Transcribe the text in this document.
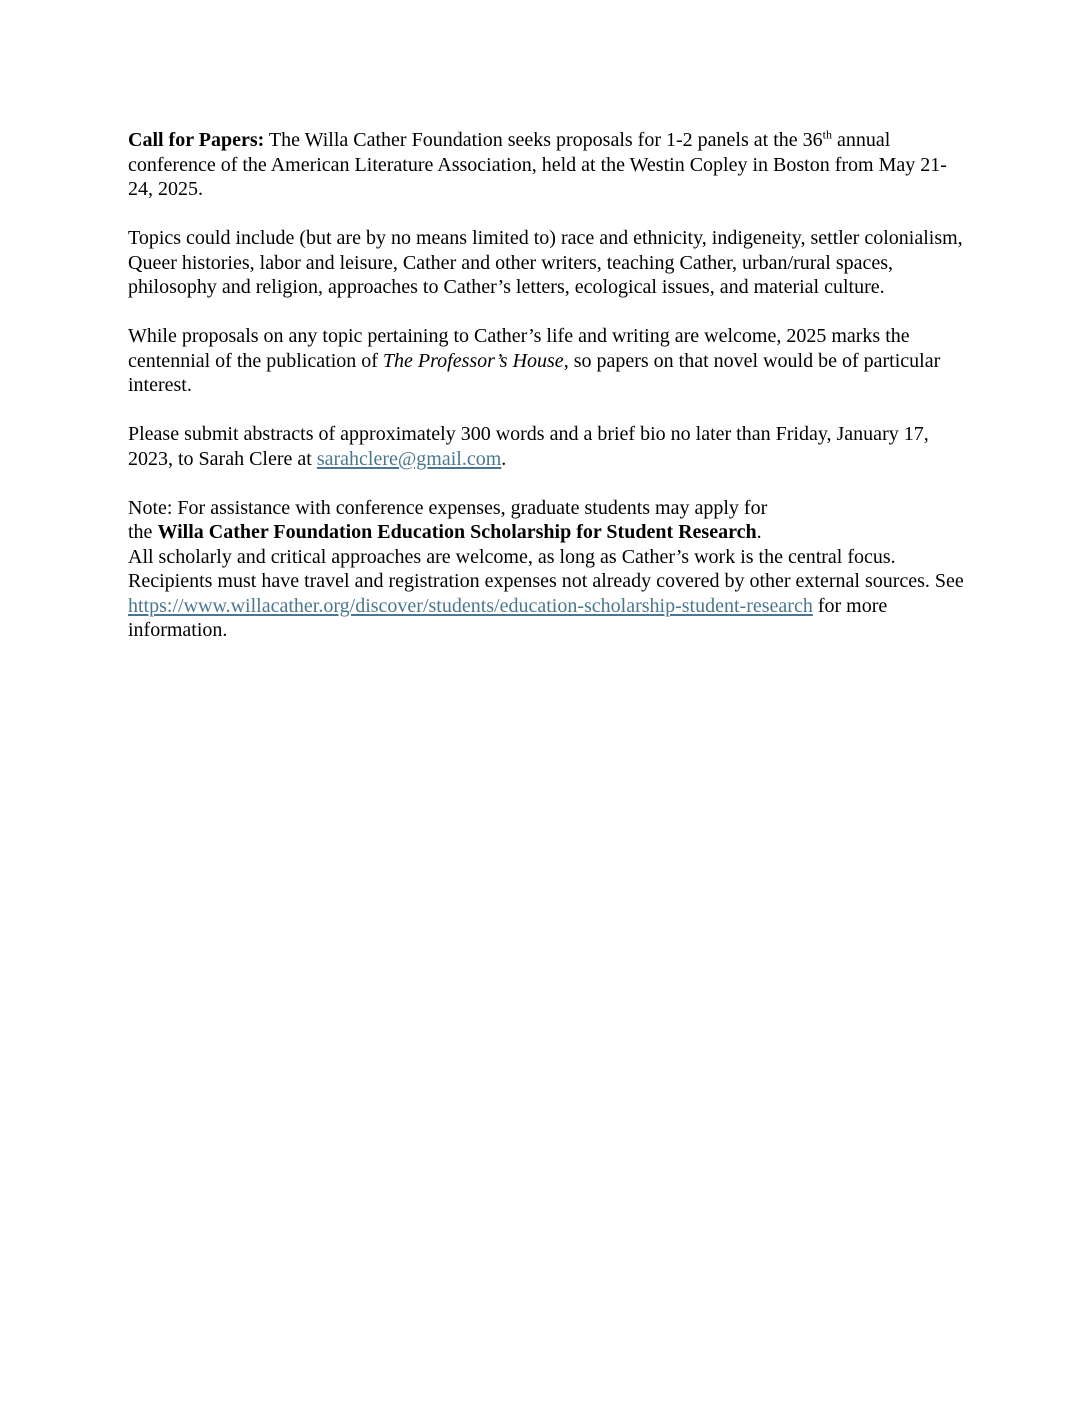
Call for Papers: The Willa Cather Foundation seeks proposals for 1-2 panels at the 36th annual conference of the American Literature Association, held at the Westin Copley in Boston from May 21-24, 2025.

Topics could include (but are by no means limited to) race and ethnicity, indigeneity, settler colonialism, Queer histories, labor and leisure, Cather and other writers, teaching Cather, urban/rural spaces, philosophy and religion, approaches to Cather’s letters, ecological issues, and material culture.

While proposals on any topic pertaining to Cather’s life and writing are welcome, 2025 marks the centennial of the publication of The Professor’s House, so papers on that novel would be of particular interest.

Please submit abstracts of approximately 300 words and a brief bio no later than Friday, January 17, 2023, to Sarah Clere at sarahclere@gmail.com.

Note: For assistance with conference expenses, graduate students may apply for
the Willa Cather Foundation Education Scholarship for Student Research.
All scholarly and critical approaches are welcome, as long as Cather’s work is the central focus.
Recipients must have travel and registration expenses not already covered by other external sources. See https://www.willacather.org/discover/students/education-scholarship-student-research for more information.
